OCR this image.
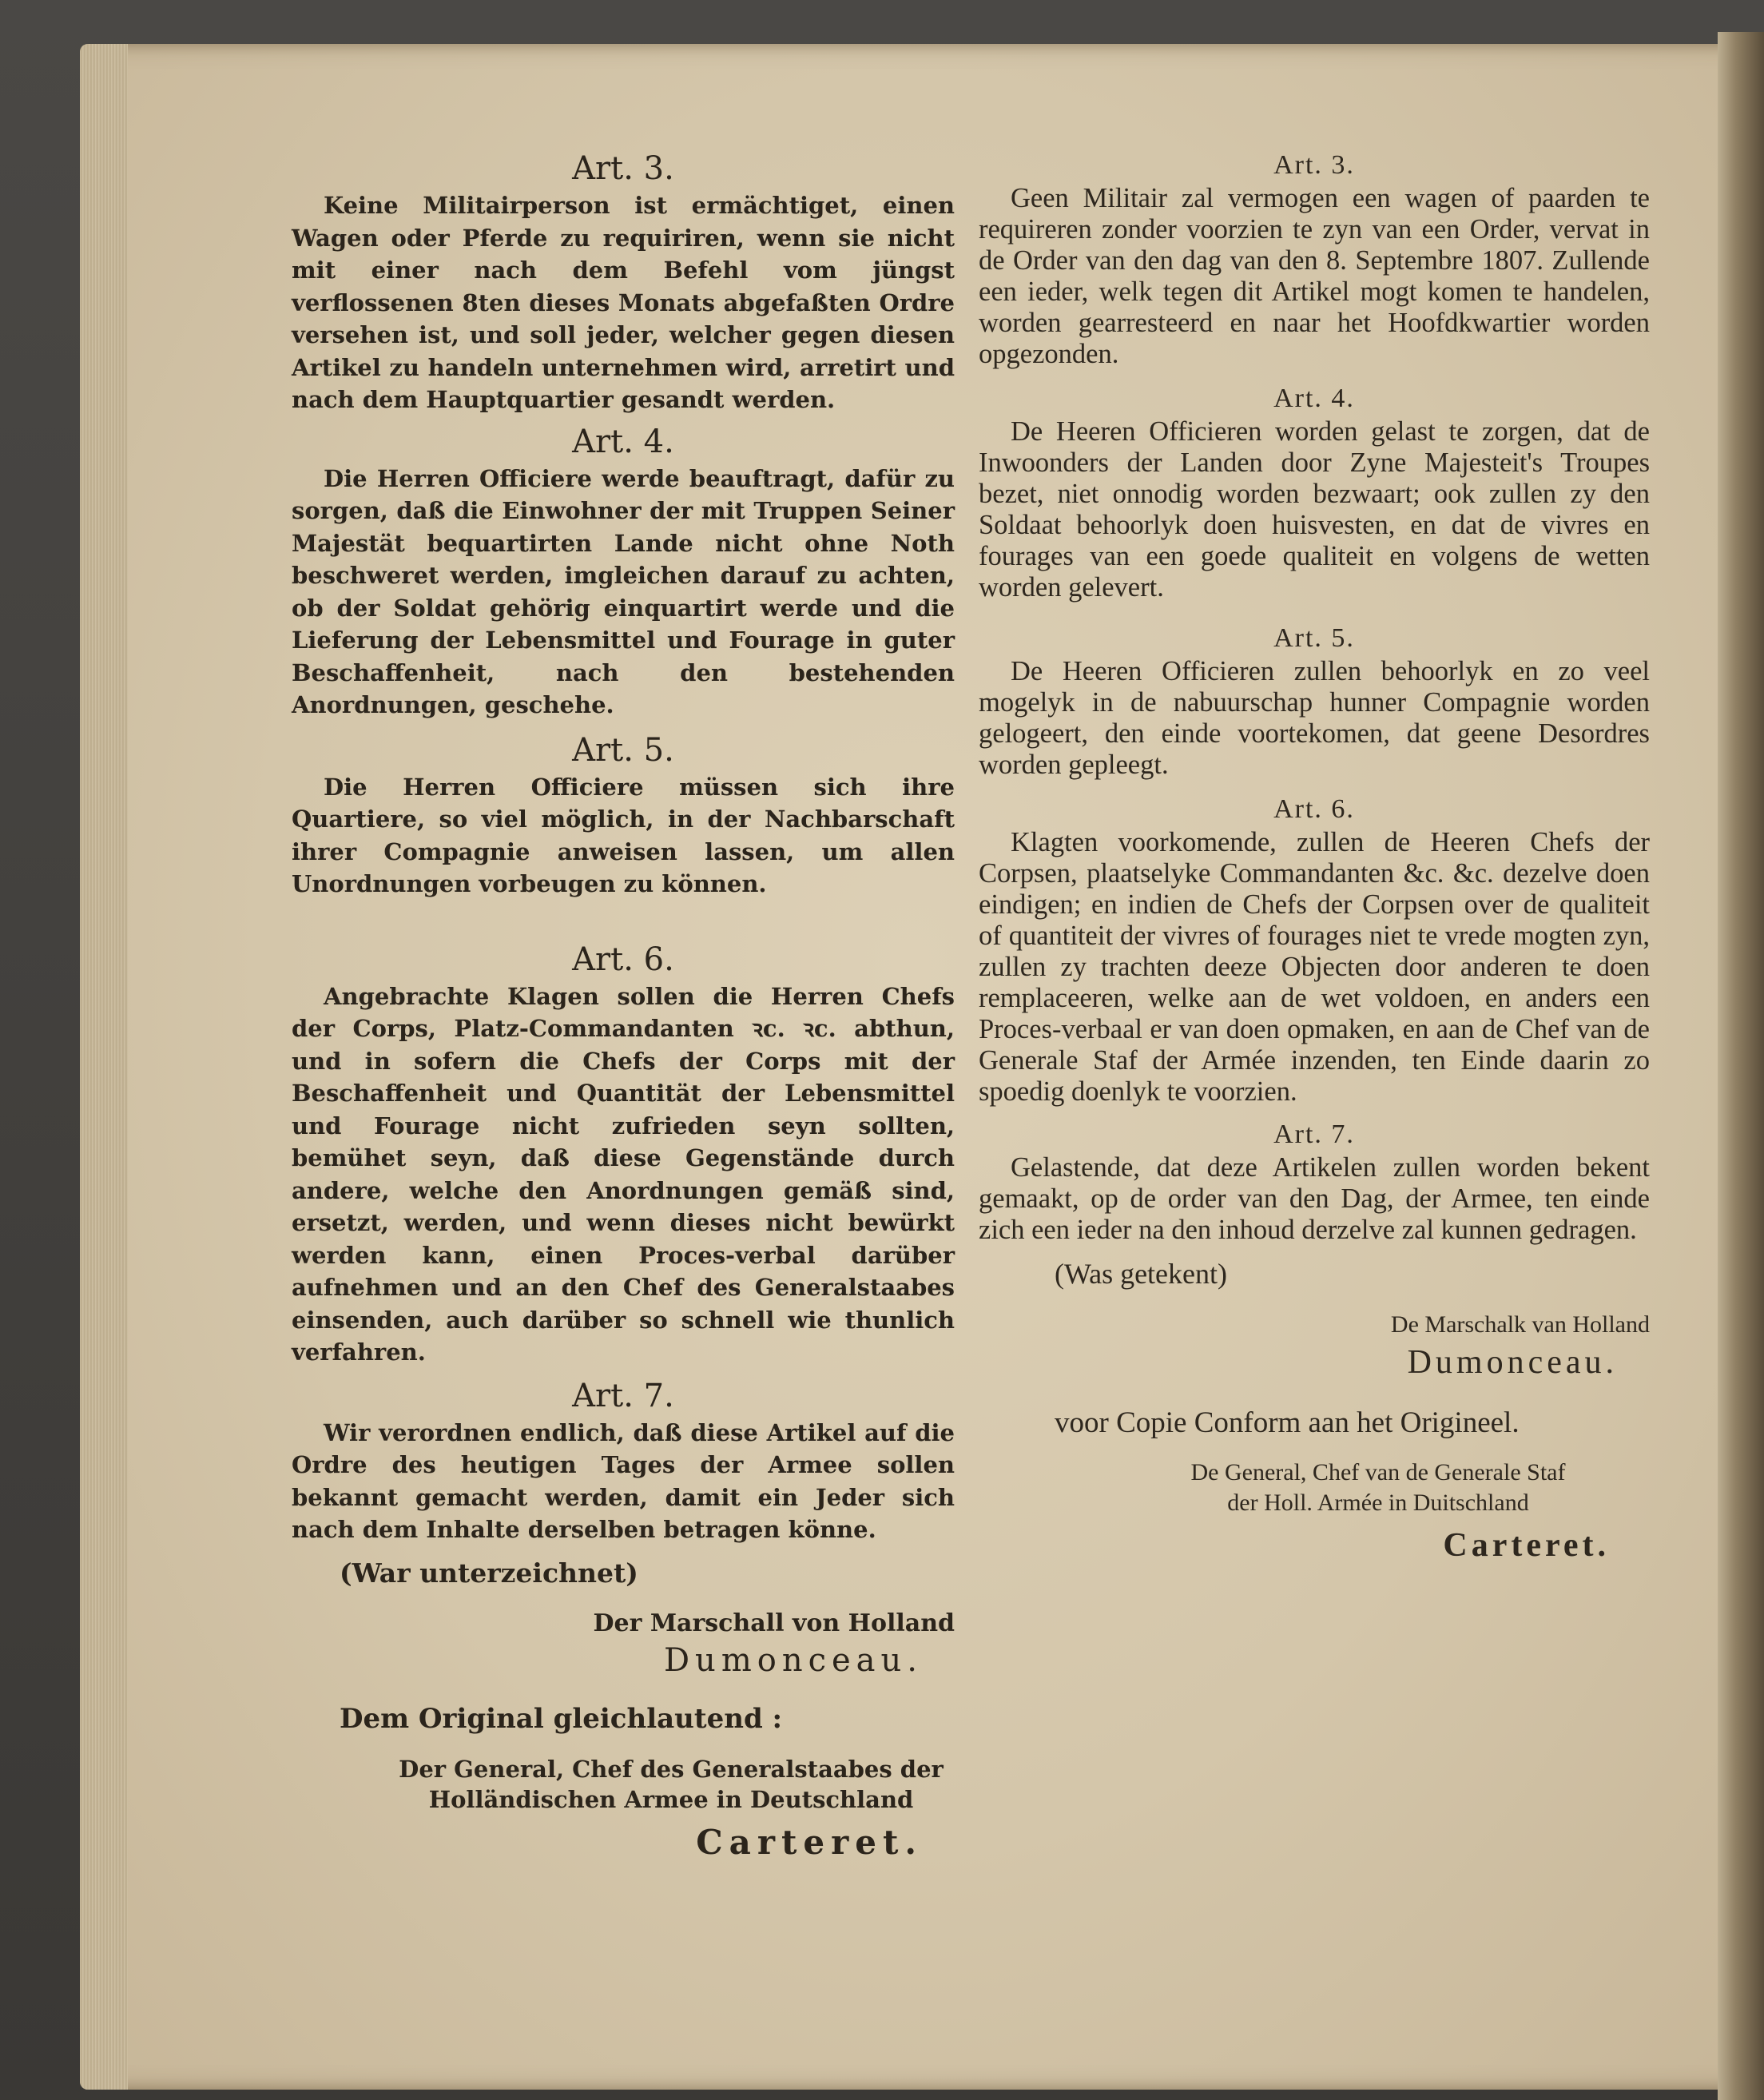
Art. 3.

Keine Militairperson ist ermächtiget, einen Wagen oder Pferde zu requiriren, wenn sie nicht mit einer nach dem Befehl vom jüngst verflossenen 8ten dieses Monats abgefaßten Ordre versehen ist, und soll jeder, welcher gegen diesen Artikel zu handeln unternehmen wird, arretirt und nach dem Hauptquartier gesandt werden.

Art. 4.

Die Herren Officiere werde beauftragt, dafür zu sorgen, daß die Einwohner der mit Truppen Seiner Majestät bequartirten Lande nicht ohne Noth beschweret werden, imgleichen darauf zu achten, ob der Soldat gehörig einquartirt werde und die Lieferung der Lebensmittel und Fourage in guter Beschaffenheit, nach den bestehenden Anordnungen, geschehe.

Art. 5.

Die Herren Officiere müssen sich ihre Quartiere, so viel möglich, in der Nachbarschaft ihrer Compagnie anweisen lassen, um allen Unordnungen vorbeugen zu können.

Art. 6.

Angebrachte Klagen sollen die Herren Chefs der Corps, Platz-Commandanten ꝛc. ꝛc. abthun, und in sofern die Chefs der Corps mit der Beschaffenheit und Quantität der Lebensmittel und Fourage nicht zufrieden seyn sollten, bemühet seyn, daß diese Gegenstände durch andere, welche den Anordnungen gemäß sind, ersetzt, werden, und wenn dieses nicht bewürkt werden kann, einen Proces-verbal darüber aufnehmen und an den Chef des Generalstaabes einsenden, auch darüber so schnell wie thunlich verfahren.

Art. 7.

Wir verordnen endlich, daß diese Artikel auf die Ordre des heutigen Tages der Armee sollen bekannt gemacht werden, damit ein Jeder sich nach dem Inhalte derselben betragen könne.

(War unterzeichnet)
Der Marschall von Holland
Dumonceau.
Dem Original gleichlautend :
Der General, Chef des Generalstaabes der
Holländischen Armee in Deutschland
Carteret.

Art. 3.

Geen Militair zal vermogen een wagen of paarden te requireren zonder voorzien te zyn van een Order, vervat in de Order van den dag van den 8. Septembre 1807. Zullende een ieder, welk tegen dit Artikel mogt komen te handelen, worden gearresteerd en naar het Hoofdkwartier worden opgezonden.

Art. 4.

De Heeren Officieren worden gelast te zorgen, dat de Inwoonders der Landen door Zyne Majesteit's Troupes bezet, niet onnodig worden bezwaart; ook zullen zy den Soldaat behoorlyk doen huisvesten, en dat de vivres en fourages van een goede qualiteit en volgens de wetten worden gelevert.

Art. 5.

De Heeren Officieren zullen behoorlyk en zo veel mogelyk in de nabuurschap hunner Compagnie worden gelogeert, den einde voortekomen, dat geene Desordres worden gepleegt.

Art. 6.

Klagten voorkomende, zullen de Heeren Chefs der Corpsen, plaatselyke Commandanten &c. &c. dezelve doen eindigen; en indien de Chefs der Corpsen over de qualiteit of quantiteit der vivres of fourages niet te vrede mogten zyn, zullen zy trachten deeze Objecten door anderen te doen remplaceeren, welke aan de wet voldoen, en anders een Proces-verbaal er van doen opmaken, en aan de Chef van de Generale Staf der Armée inzenden, ten Einde daarin zo spoedig doenlyk te voorzien.

Art. 7.

Gelastende, dat deze Artikelen zullen worden bekent gemaakt, op de order van den Dag, der Armee, ten einde zich een ieder na den inhoud derzelve zal kunnen gedragen.

(Was getekent)
De Marschalk van Holland
Dumonceau.
voor Copie Conform aan het Origineel.
De General, Chef van de Generale Staf
der Holl. Armée in Duitschland
Carteret.
